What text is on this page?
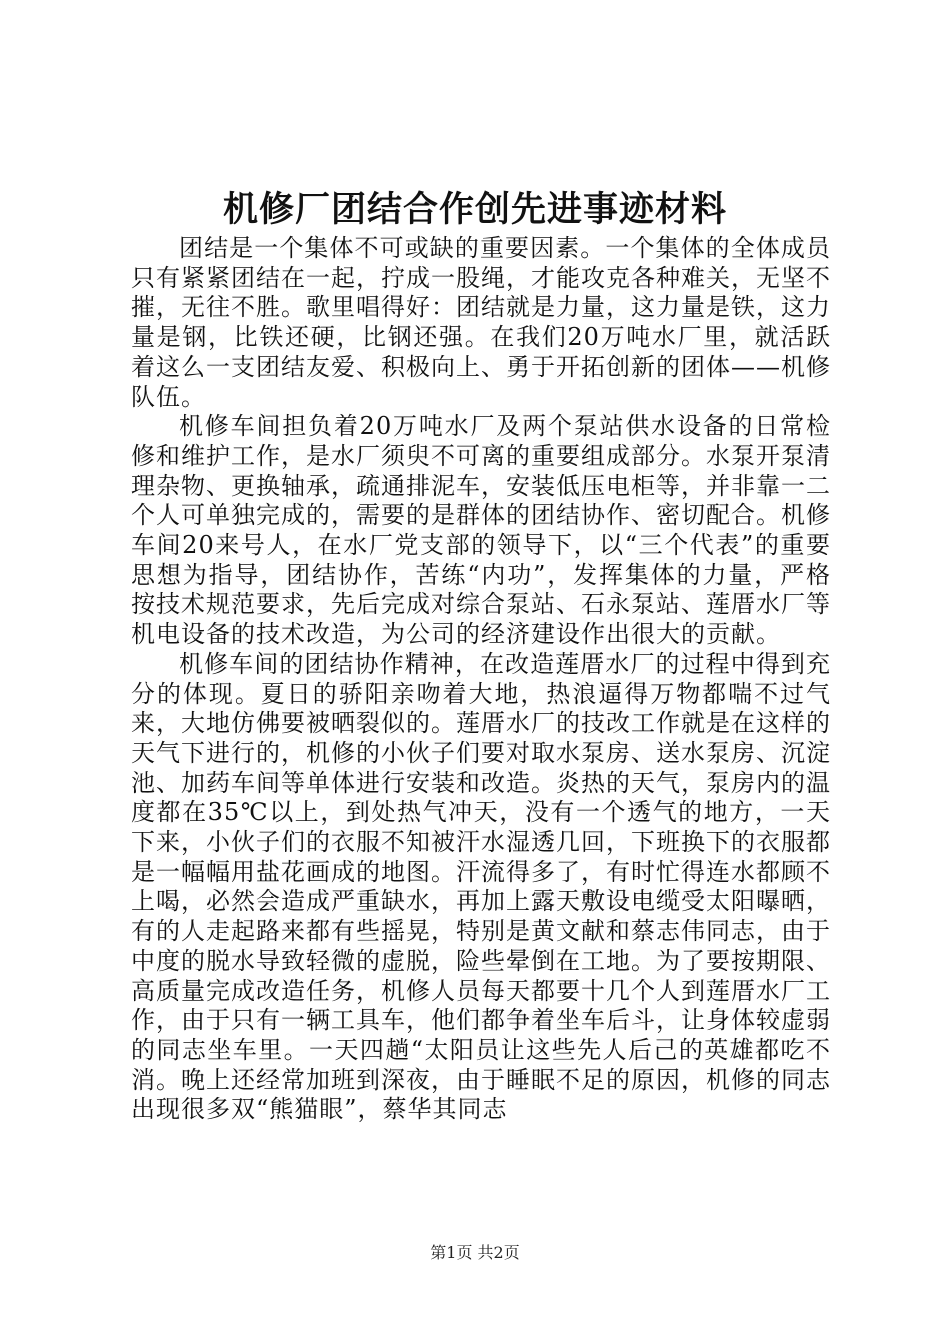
机修厂团结合作创先进事迹材料

团结是一个集体不可或缺的重要因素。一个集体的全体成员只有紧紧团结在一起，拧成一股绳，才能攻克各种难关，无坚不摧，无往不胜。歌里唱得好：团结就是力量，这力量是铁，这力量是钢，比铁还硬，比钢还强。在我们20万吨水厂里，就活跃着这么一支团结友爱、积极向上、勇于开拓创新的团体——机修队伍。

机修车间担负着20万吨水厂及两个泵站供水设备的日常检修和维护工作，是水厂须臾不可离的重要组成部分。水泵开泵清理杂物、更换轴承，疏通排泥车，安装低压电柜等，并非靠一二个人可单独完成的，需要的是群体的团结协作、密切配合。机修车间20来号人，在水厂党支部的领导下，以“三个代表”的重要思想为指导，团结协作，苦练“内功”，发挥集体的力量，严格按技术规范要求，先后完成对综合泵站、石永泵站、莲厝水厂等机电设备的技术改造，为公司的经济建设作出很大的贡献。

机修车间的团结协作精神，在改造莲厝水厂的过程中得到充分的体现。夏日的骄阳亲吻着大地，热浪逼得万物都喘不过气来，大地仿佛要被晒裂似的。莲厝水厂的技改工作就是在这样的天气下进行的，机修的小伙子们要对取水泵房、送水泵房、沉淀池、加药车间等单体进行安装和改造。炎热的天气，泵房内的温度都在35℃以上，到处热气冲天，没有一个透气的地方，一天下来，小伙子们的衣服不知被汗水湿透几回，下班换下的衣服都是一幅幅用盐花画成的地图。汗流得多了，有时忙得连水都顾不上喝，必然会造成严重缺水，再加上露天敷设电缆受太阳曝晒，有的人走起路来都有些摇晃，特别是黄文献和蔡志伟同志，由于中度的脱水导致轻微的虚脱，险些晕倒在工地。为了要按期限、高质量完成改造任务，机修人员每天都要十几个人到莲厝水厂工作，由于只有一辆工具车，他们都争着坐车后斗，让身体较虚弱的同志坐车里。一天四趟“太阳员让这些先人后己的英雄都吃不消。晚上还经常加班到深夜，由于睡眠不足的原因，机修的同志出现很多双“熊猫眼”，蔡华其同志

第1页 共2页
